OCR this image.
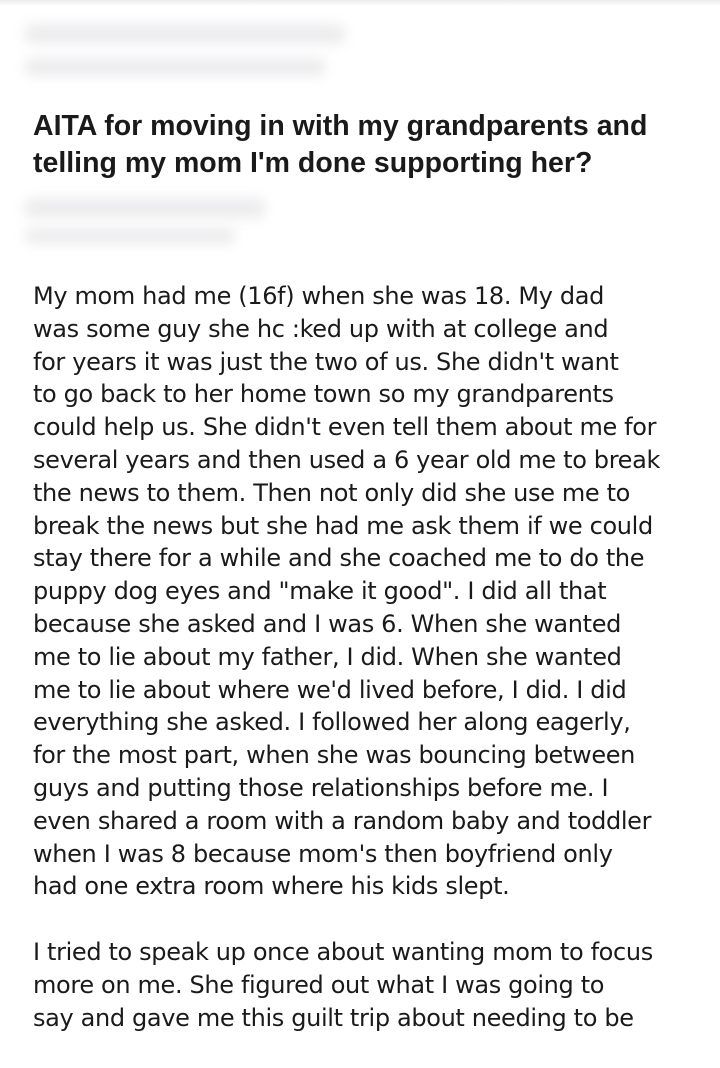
AITA for moving in with my grandparents and
telling my mom I'm done supporting her?

My mom had me (16f) when she was 18. My dad
was some guy she hc :ked up with at college and
for years it was just the two of us. She didn't want
to go back to her home town so my grandparents
could help us. She didn't even tell them about me for
several years and then used a 6 year old me to break
the news to them. Then not only did she use me to
break the news but she had me ask them if we could
stay there for a while and she coached me to do the
puppy dog eyes and "make it good". I did all that
because she asked and I was 6. When she wanted
me to lie about my father, I did. When she wanted
me to lie about where we'd lived before, I did. I did
everything she asked. I followed her along eagerly,
for the most part, when she was bouncing between
guys and putting those relationships before me. I
even shared a room with a random baby and toddler
when I was 8 because mom's then boyfriend only
had one extra room where his kids slept.

I tried to speak up once about wanting mom to focus
more on me. She figured out what I was going to
say and gave me this guilt trip about needing to be
